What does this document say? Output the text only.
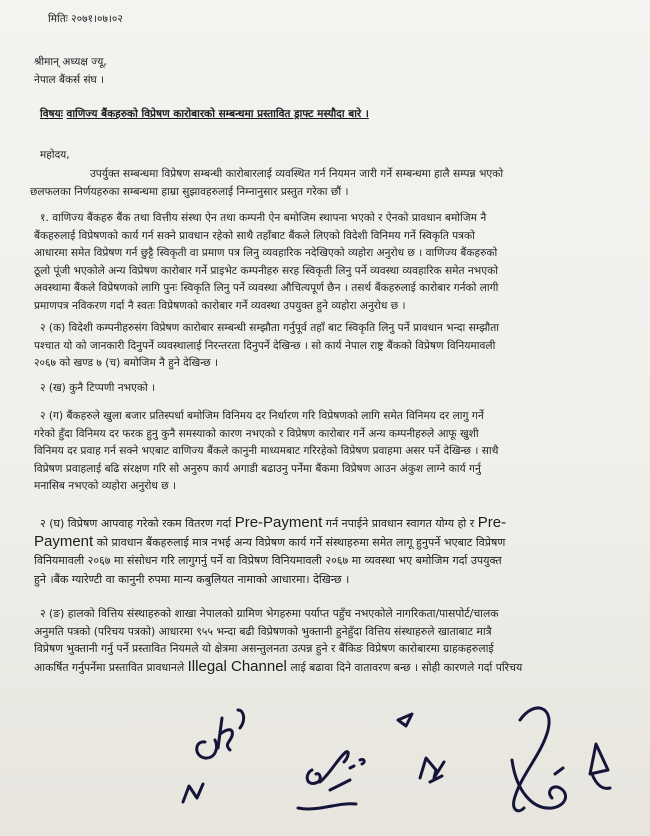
मितिः २०७१।०७।०२
श्रीमान् अध्यक्ष ज्यू,
नेपाल बैंकर्स संघ ।
विषयः वाणिज्य बैंकहरुको विप्रेषण कारोबारको सम्बन्धमा प्रस्तावित ड्राफ्ट मस्यौदा बारे ।
महोदय,
उपर्युक्त सम्बन्धमा विप्रेषण सम्बन्धी कारोबारलाई व्यवस्थित गर्न नियमन जारी गर्ने सम्बन्धमा हालै सम्पन्न भएको
छलफलका निर्णयहरुका सम्बन्धमा हाम्रा सुझावहरुलाई निम्नानुसार प्रस्तुत गरेका छौं ।
१. वाणिज्य बैंकहरु बैंक तथा वित्तीय संस्था ऐन तथा कम्पनी ऐन बमोजिम स्थापना भएको र ऐनको प्रावधान बमोजिम नै
बैंकहरुलाई विप्रेषणको कार्य गर्न सक्ने प्रावधान रहेको साथै तहाँबाट बैंकले लिएको विदेशी विनिमय गर्ने स्विकृति पत्रको
आधारमा समेत विप्रेषण गर्न छुट्टै स्विकृती वा प्रमाण पत्र लिनु व्यवहारिक नदेखिएको व्यहोरा अनुरोध छ । वाणिज्य बैंकहरुको
ठूलो पूंजी भएकोले अन्य विप्रेषण कारोबार गर्ने प्राइभेट कम्पनीहरु सरह स्विकृती लिनु पर्ने व्यवस्था व्यवहारिक समेत नभएको
अवस्थामा बैंकले विप्रेषणको लागि पुनः स्विकृति लिनु पर्ने व्यवस्था औचित्यपूर्ण छैन । तसर्थ बैंकहरुलाई कारोबार गर्नको लागी
प्रमाणपत्र नविकरण गर्दा नै स्वतः विप्रेषणको कारोबार गर्ने व्यवस्था उपयुक्त हुने व्यहोरा अनुरोध छ ।
२ (क) विदेशी कम्पनीहरुसंग विप्रेषण कारोबार सम्बन्धी सम्झौता गर्नुपूर्व तहाँ बाट स्विकृति लिनु पर्ने प्रावधान भन्दा सम्झौता
पश्चात यो को जानकारी दिनुपर्ने व्यवस्थालाई निरन्तरता दिनुपर्ने देखिन्छ । सो कार्य नेपाल राष्ट्र बैंकको विप्रेषण विनियमावली
२०६७ को खण्ड ७ (च) बमोजिम नै हुने देखिन्छ ।
२ (ख) कुनै टिप्पणी नभएको ।
२ (ग) बैंकहरुले खुला बजार प्रतिस्पर्धा बमोजिम विनिमय दर निर्धारण गरि विप्रेषणको लागि समेत विनिमय दर लागु गर्ने
गरेको हुँदा विनिमय दर फरक हुनु कुनै समस्याको कारण नभएको र विप्रेषण कारोबार गर्ने अन्य कम्पनीहरुले आफू खुशी
विनिमय दर प्रवाह गर्न सक्ने भएबाट वाणिज्य बैंकले कानुनी माध्यमबाट गरिरहेको विप्रेषण प्रवाहमा असर पर्ने देखिन्छ । साथै
विप्रेषण प्रवाहलाई बढि संरक्षण गरि सो अनुरुप कार्य अगाडी बढाउनु पर्नेमा बैंकमा विप्रेषण आउन अंकुश लाग्ने कार्य गर्नु
मनासिब नभएको व्यहोरा अनुरोध छ ।
२ (घ) विप्रेषण आपवाह गरेको रकम वितरण गर्दा Pre-Payment गर्न नपाईने प्रावधान स्वागत योग्य हो र Pre-
Payment को प्रावधान बैंकहरुलाई मात्र नभई अन्य विप्रेषण कार्य गर्ने संस्थाहरुमा समेत लागू हुनुपर्ने भएबाट विप्रेषण
विनियमावली २०६७ मा संसोधन गरि लागुगर्नु पर्ने वा विप्रेषण विनियमावली २०६७ मा व्यवस्था भए बमोजिम गर्दा उपयुक्त
हुने ।बैंक ग्यारेण्टी वा कानुनी रुपमा मान्य कबुलियत नामाको आधारमा। देखिन्छ ।
२ (ङ) हालको वित्तिय संस्थाहरुको शाखा नेपालको ग्रामिण भेगहरुमा पर्याप्त पहुँच नभएकोले नागरिकता/पासपोर्ट/चालक
अनुमति पत्रको (परिचय पत्रको) आधारमा ९५५ भन्दा बढी विप्रेषणको भुक्तानी हुनेहुँदा वित्तिय संस्थाहरुले खाताबाट मात्रै
विप्रेषण भुक्तानी गर्नु पर्ने प्रस्तावित नियमले यो क्षेत्रमा असन्तुलनता उत्पन्न हुने र बैंकिङ विप्रेषण कारोबारमा ग्राहकहरुलाई
आकर्षित गर्नुपर्नेमा प्रस्तावित प्रावधानले Illegal Channel लाई बढावा दिने वातावरण बन्छ । सोही कारणले गर्दा परिचय
